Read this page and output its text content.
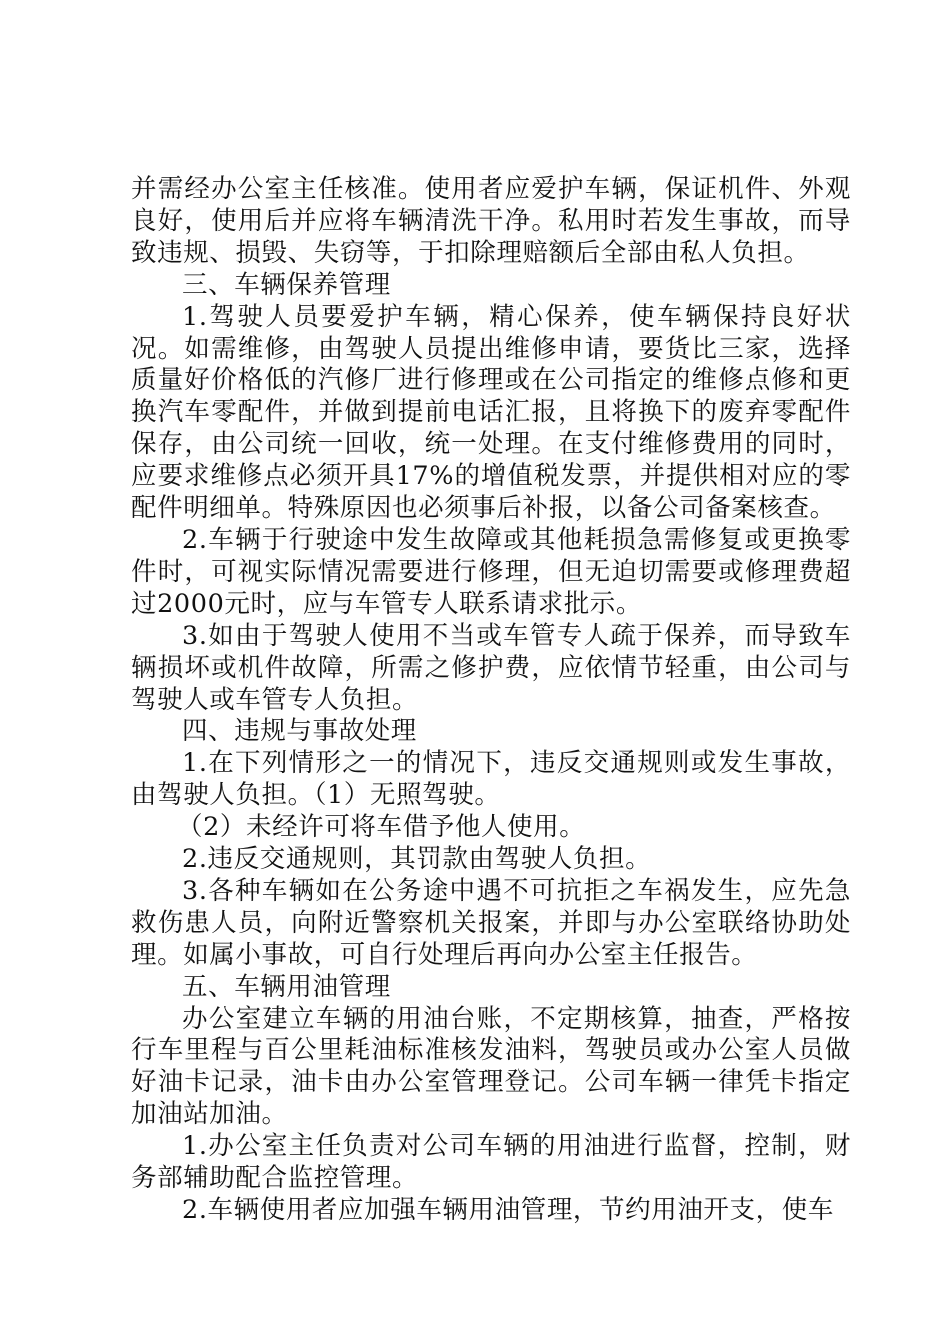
并需经办公室主任核准。使用者应爱护车辆，保证机件、外观良好，使用后并应将车辆清洗干净。私用时若发生事故，而导致违规、损毁、失窃等，于扣除理赔额后全部由私人负担。

三、车辆保养管理

1.驾驶人员要爱护车辆，精心保养，使车辆保持良好状况。如需维修，由驾驶人员提出维修申请，要货比三家，选择质量好价格低的汽修厂进行修理或在公司指定的维修点修和更换汽车零配件，并做到提前电话汇报，且将换下的废弃零配件保存，由公司统一回收，统一处理。在支付维修费用的同时，应要求维修点必须开具17%的增值税发票，并提供相对应的零配件明细单。特殊原因也必须事后补报，以备公司备案核查。

2.车辆于行驶途中发生故障或其他耗损急需修复或更换零件时，可视实际情况需要进行修理，但无迫切需要或修理费超过2000元时，应与车管专人联系请求批示。

3.如由于驾驶人使用不当或车管专人疏于保养，而导致车辆损坏或机件故障，所需之修护费，应依情节轻重，由公司与驾驶人或车管专人负担。

四、违规与事故处理

1.在下列情形之一的情况下，违反交通规则或发生事故，由驾驶人负担。（1）无照驾驶。

（2）未经许可将车借予他人使用。

2.违反交通规则，其罚款由驾驶人负担。

3.各种车辆如在公务途中遇不可抗拒之车祸发生，应先急救伤患人员，向附近警察机关报案，并即与办公室联络协助处理。如属小事故，可自行处理后再向办公室主任报告。

五、车辆用油管理

办公室建立车辆的用油台账，不定期核算，抽查，严格按行车里程与百公里耗油标准核发油料，驾驶员或办公室人员做好油卡记录，油卡由办公室管理登记。公司车辆一律凭卡指定加油站加油。

1.办公室主任负责对公司车辆的用油进行监督，控制，财务部辅助配合监控管理。

2.车辆使用者应加强车辆用油管理，节约用油开支，使车
